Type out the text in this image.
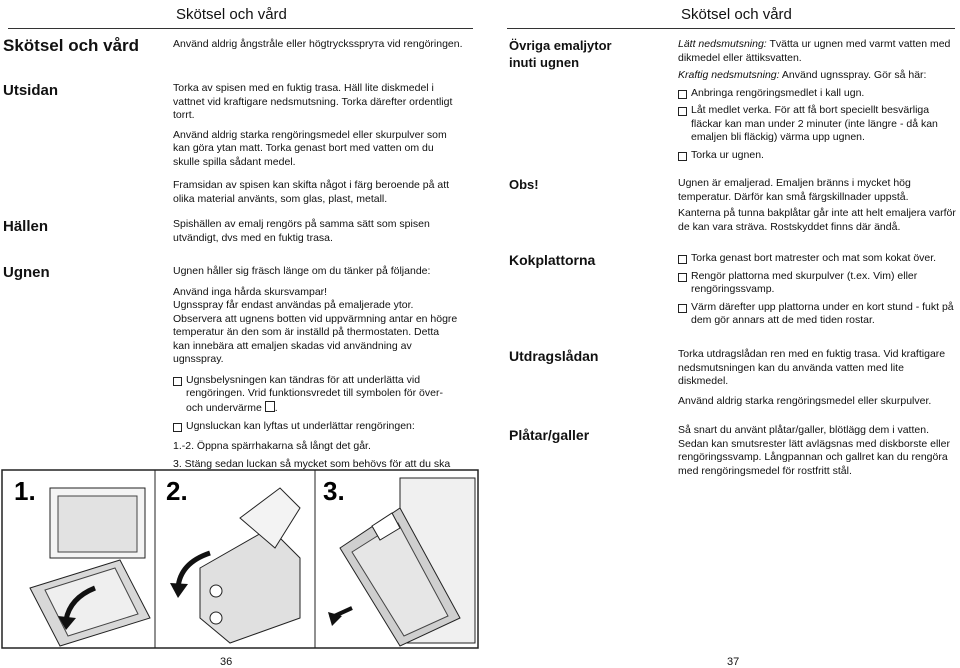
Skötsel och vård
Skötsel och vård	Använd aldrig ångstråle eller högtryckssprута vid rengöringen.
Utsidan	Torka av spisen med en fuktig trasa. Häll lite diskmedel i vattnet vid kraftigare nedsmutsning. Torka därefter ordentligt torrt.

Använd aldrig starka rengöringsmedel eller skurpulver som kan göra ytan matt. Torka genast bort med vatten om du skulle spilla sådant medel.

Framsidan av spisen kan skifta något i färg beroende på att olika material använts, som glas, plast, metall.

Hällen	Spishällen av emalj rengörs på samma sätt som spisen utvändigt, dvs med en fuktig trasa.
Ugnen	Ugnen håller sig fräsch länge om du tänker på följande:

Använd inga hårda skursvampar!

Ugnsspray får endast användas på emaljerade ytor.

Observera att ugnens botten vid uppvärmning antar en högre temperatur än den som är inställd på thermostaten. Detta kan innebära att emaljen skadas vid användning av ugnsspray.

Ugnsbelysningen kan tändras för att underlätta vid rengöringen. Vrid funktionsvredet till symbolen för över- och undervärme .

Ugnsluckan kan lyftas ut underlättar rengöringen:

1.-2. Öppna spärrhakarna så långt det går.

3. Stäng sedan luckan så mycket som behövs för att du ska

1.	2.	3.
36
Skötsel och vård
Övriga emaljytor
inuti ugnen

Lätt nedsmutsning: Tvätta ur ugnen med varmt vatten med dikmedel eller ättiksvatten.

Kraftig nedsmutsning: Använd ugnsspray. Gör så här:

Anbringa rengöringsmedlet i kall ugn.

Låt medlet verka. För att få bort speciellt besvärliga fläckar kan man under 2 minuter (inte längre - då kan emaljen bli fläckig) värma upp ugnen.

Torka ur ugnen.

Obs!	Ugnen är emaljerad. Emaljen bränns i mycket hög temperatur. Därför kan små färgskillnader uppstå.

Kanterna på tunna bakplåtar går inte att helt emaljera varför de kan vara sträva. Rostskyddet finns där ändå.

Kokplattorna	Torka genast bort matrester och mat som kokat över.

Rengör plattorna med skurpulver (t.ex. Vim) eller rengöringssvamp.

Värm därefter upp plattorna under en kort stund - fukt på dem gör annars att de med tiden rostar.

Utdragslådan	Torka utdragslådan ren med en fuktig trasa. Vid kraftigare nedsmutsningen kan du använda vatten med lite diskmedel.

Använd aldrig starka rengöringsmedel eller skurpulver.

Plåtar/galler	Så snart du använt plåtar/galler, blötlägg dem i vatten. Sedan kan smutsrester lätt avlägsnas med diskborste eller rengöringssvamp. Långpannan och gallret kan du rengöra med rengöringsmedel för rostfritt stål.
37
